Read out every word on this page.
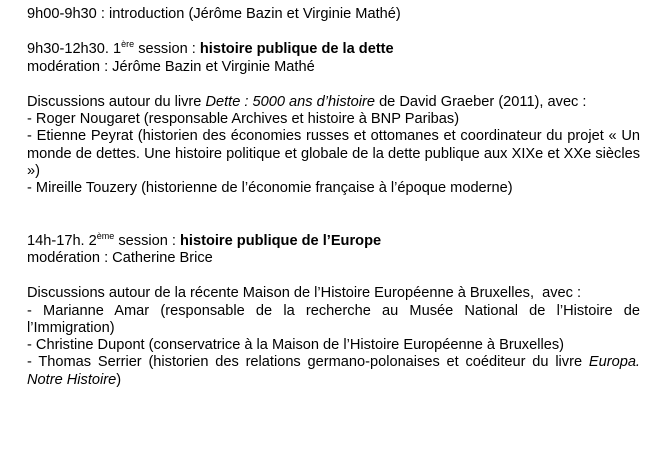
9h00-9h30 : introduction (Jérôme Bazin et Virginie Mathé)

9h30-12h30. 1ère session : histoire publique de la dette
modération : Jérôme Bazin et Virginie Mathé

Discussions autour du livre Dette : 5000 ans d’histoire de David Graeber (2011), avec :
- Roger Nougaret (responsable Archives et histoire à BNP Paribas)
- Etienne Peyrat (historien des économies russes et ottomanes et coordinateur du projet « Un monde de dettes. Une histoire politique et globale de la dette publique aux XIXe et XXe siècles »)
- Mireille Touzery (historienne de l’économie française à l’époque moderne)

14h-17h. 2ème session : histoire publique de l’Europe
modération : Catherine Brice

Discussions autour de la récente Maison de l’Histoire Européenne à Bruxelles,  avec :
- Marianne Amar (responsable de la recherche au Musée National de l’Histoire de l’Immigration)
- Christine Dupont (conservatrice à la Maison de l’Histoire Européenne à Bruxelles)
- Thomas Serrier (historien des relations germano-polonaises et coéditeur du livre Europa. Notre Histoire)
